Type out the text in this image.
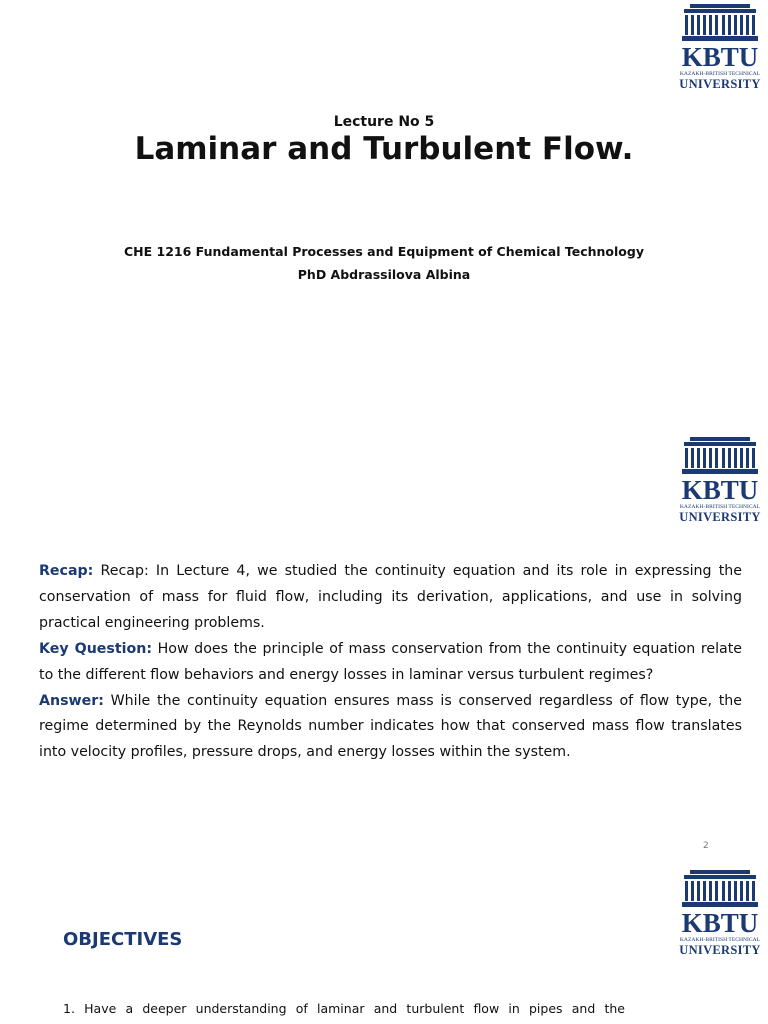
KBTU
KAZAKH-BRITISH TECHNICAL
UNIVERSITY
Lecture No 5
Laminar and Turbulent Flow.
CHE 1216 Fundamental Processes and Equipment of Chemical Technology
PhD Abdrassilova Albina
KBTU
KAZAKH-BRITISH TECHNICAL
UNIVERSITY

Recap: Recap: In Lecture 4, we studied the continuity equation and its role in expressing the conservation of mass for fluid flow, including its derivation, applications, and use in solving practical engineering problems.

Key Question: How does the principle of mass conservation from the continuity equation relate to the different flow behaviors and energy losses in laminar versus turbulent regimes?

Answer: While the continuity equation ensures mass is conserved regardless of flow type, the regime determined by the Reynolds number indicates how that conserved mass flow translates into velocity profiles, pressure drops, and energy losses within the system.

2
KBTU
KAZAKH-BRITISH TECHNICAL
UNIVERSITY
OBJECTIVES
1. Have a deeper understanding of laminar and turbulent flow in pipes and the
